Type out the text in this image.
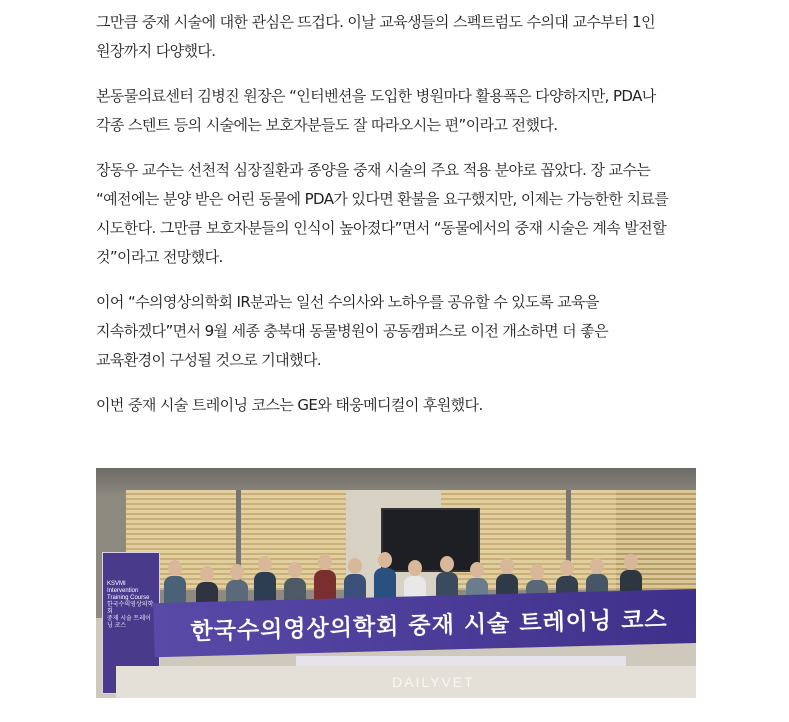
그만큼 중재 시술에 대한 관심은 뜨겁다. 이날 교육생들의 스펙트럼도 수의대 교수부터 1인
원장까지 다양했다.

본동물의료센터 김병진 원장은 “인터벤션을 도입한 병원마다 활용폭은 다양하지만, PDA나
각종 스텐트 등의 시술에는 보호자분들도 잘 따라오시는 편”이라고 전했다.

장동우 교수는 선천적 심장질환과 종양을 중재 시술의 주요 적용 분야로 꼽았다. 장 교수는
“예전에는 분양 받은 어린 동물에 PDA가 있다면 환불을 요구했지만, 이제는 가능한한 치료를
시도한다. 그만큼 보호자분들의 인식이 높아졌다”면서 “동물에서의 중재 시술은 계속 발전할
것”이라고 전망했다.

이어 “수의영상의학회 IR분과는 일선 수의사와 노하우를 공유할 수 있도록 교육을
지속하겠다”면서 9월 세종 충북대 동물병원이 공동캠퍼스로 이전 개소하면 더 좋은
교육환경이 구성될 것으로 기대했다.

이번 중재 시술 트레이닝 코스는 GE와 태웅메디컬이 후원했다.

KSVMI
Intervention
Training Course
한국수의영상의학회
중재 시술 트레이닝 코스	한국수의영상의학회 중재 시술 트레이닝 코스
DAILYVET
